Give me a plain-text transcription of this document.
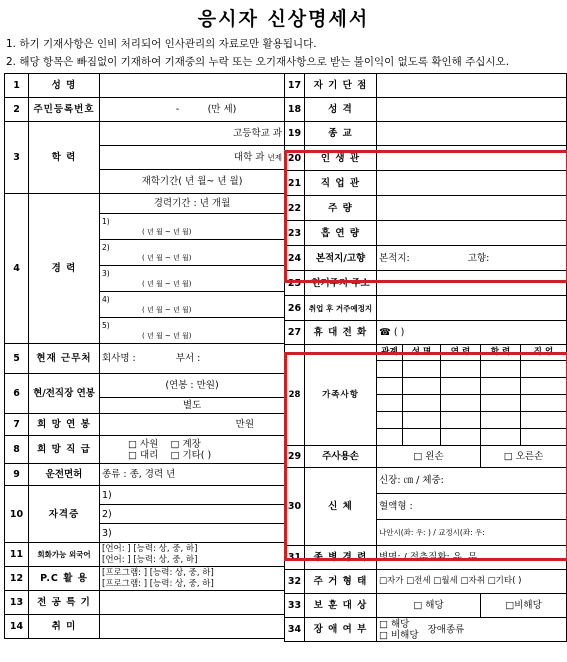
응시자 신상명세서
1. 하기 기재사항은 인비 처리되어 인사관리의 자료로만 활용됩니다.
2. 해당 항목은 빠짐없이 기재하여 기재중의 누락 또는 오기재사항으로 받는 불이익이 없도록 확인해 주십시오.
1	성 명	
2	주민등록번호	- (만 세)
3	학 력	고등학교 과
		대학 과 년제
		재학기간( 년 월~ 년 월)
4	경 력	경력기간 : 년 개월

		1)
( 년 월 ~ 년 월)

		2)
( 년 월 ~ 년 월)

		3)
( 년 월 ~ 년 월)

		4)
( 년 월 ~ 년 월)

		5)
( 년 월 ~ 년 월)

5	현재 근무처	회사명 : 부서 :
6	현/전직장 연봉	(연봉 : 만원)
		별도
7	희 망 연 봉	만원
8	희 망 직 급	□ 사원 □ 계장
□ 대리 □ 기타( )
9	운전면허	종류 : 종, 경력 년
10	자격증	1)
		2)
		3)
11	회화가능 외국어	[언어: ] [능력: 상, 중, 하]
[언어: ] [능력: 상, 중, 하]
12	P.C 활 용	[프로그램: ] [능력: 상, 중, 하]
[프로그램: ] [능력: 상, 중, 하]
13	전 공 특 기	
14	취 미	
17	자 기 단 점					
18	성 격					
19	종 교					
20	인 생 관					
21	직 업 관					
22	주 량					
23	흡 연 량					
24	본적지/고향	본적지: 고향:				
25	현거주지 주소					
26	취업 후 거주예정지					
27	휴 대 전 화	☎ ( )				
28	가족사항	관계	성 명	연 령	학 력	직 업

29	주사용손	□ 왼손			□ 오른손	
30	신 체	신장: ㎝ / 체중:				
		혈액형 :				
		나안시(좌: 우: ) / 교정시(좌: 우:				
31	종 병 경 력	병명: / 적추질환: 유, 무				
32	주 거 형 태	□자가 □전세 □월세 □자취 □기타( )				
33	보 훈 대 상	□ 해당			□비해당	
34	장 애 여 부	□ 해당
□ 비해당 장애종류				
